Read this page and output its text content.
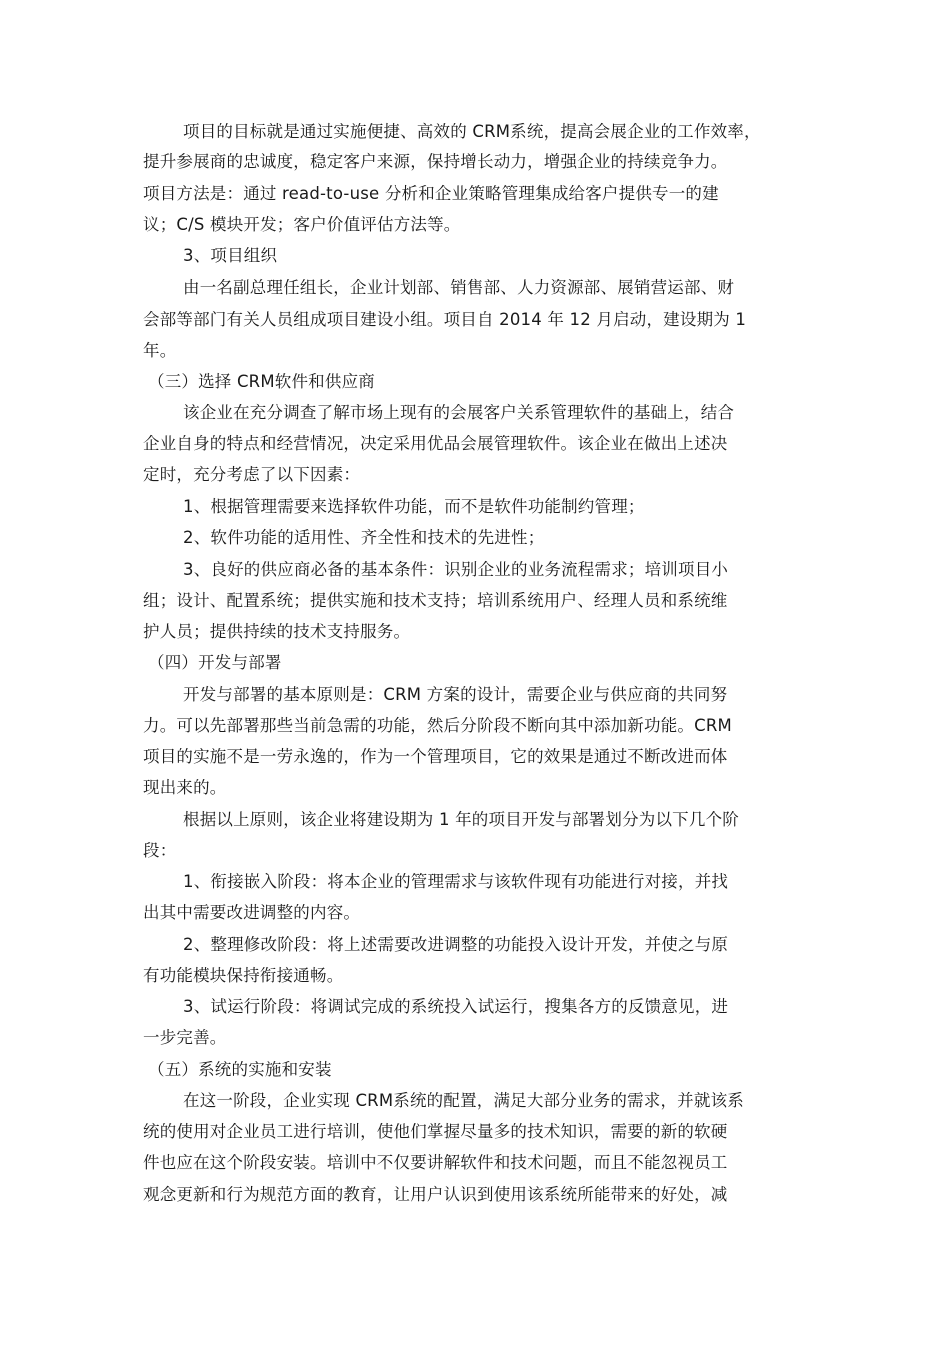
项目的目标就是通过实施便捷、高效的 CRM系统，提高会展企业的工作效率，
提升参展商的忠诚度，稳定客户来源，保持增长动力，增强企业的持续竞争力。
项目方法是：通过 read-to-use 分析和企业策略管理集成给客户提供专一的建
议；C/S 模块开发；客户价值评估方法等。
3、项目组织
由一名副总理任组长，企业计划部、销售部、人力资源部、展销营运部、财
会部等部门有关人员组成项目建设小组。项目自 2014 年 12 月启动，建设期为 1
年。
（三）选择 CRM软件和供应商
该企业在充分调查了解市场上现有的会展客户关系管理软件的基础上，结合
企业自身的特点和经营情况，决定采用优品会展管理软件。该企业在做出上述决
定时，充分考虑了以下因素：
1、根据管理需要来选择软件功能，而不是软件功能制约管理；
2、软件功能的适用性、齐全性和技术的先进性；
3、良好的供应商必备的基本条件：识别企业的业务流程需求；培训项目小
组；设计、配置系统；提供实施和技术支持；培训系统用户、经理人员和系统维
护人员；提供持续的技术支持服务。
（四）开发与部署
开发与部署的基本原则是：CRM 方案的设计，需要企业与供应商的共同努
力。可以先部署那些当前急需的功能，然后分阶段不断向其中添加新功能。CRM
项目的实施不是一劳永逸的，作为一个管理项目，它的效果是通过不断改进而体
现出来的。
根据以上原则，该企业将建设期为 1 年的项目开发与部署划分为以下几个阶
段：
1、衔接嵌入阶段：将本企业的管理需求与该软件现有功能进行对接，并找
出其中需要改进调整的内容。
2、整理修改阶段：将上述需要改进调整的功能投入设计开发，并使之与原
有功能模块保持衔接通畅。
3、试运行阶段：将调试完成的系统投入试运行，搜集各方的反馈意见，进
一步完善。
（五）系统的实施和安装
在这一阶段，企业实现 CRM系统的配置，满足大部分业务的需求，并就该系
统的使用对企业员工进行培训，使他们掌握尽量多的技术知识，需要的新的软硬
件也应在这个阶段安装。培训中不仅要讲解软件和技术问题，而且不能忽视员工
观念更新和行为规范方面的教育，让用户认识到使用该系统所能带来的好处，减
